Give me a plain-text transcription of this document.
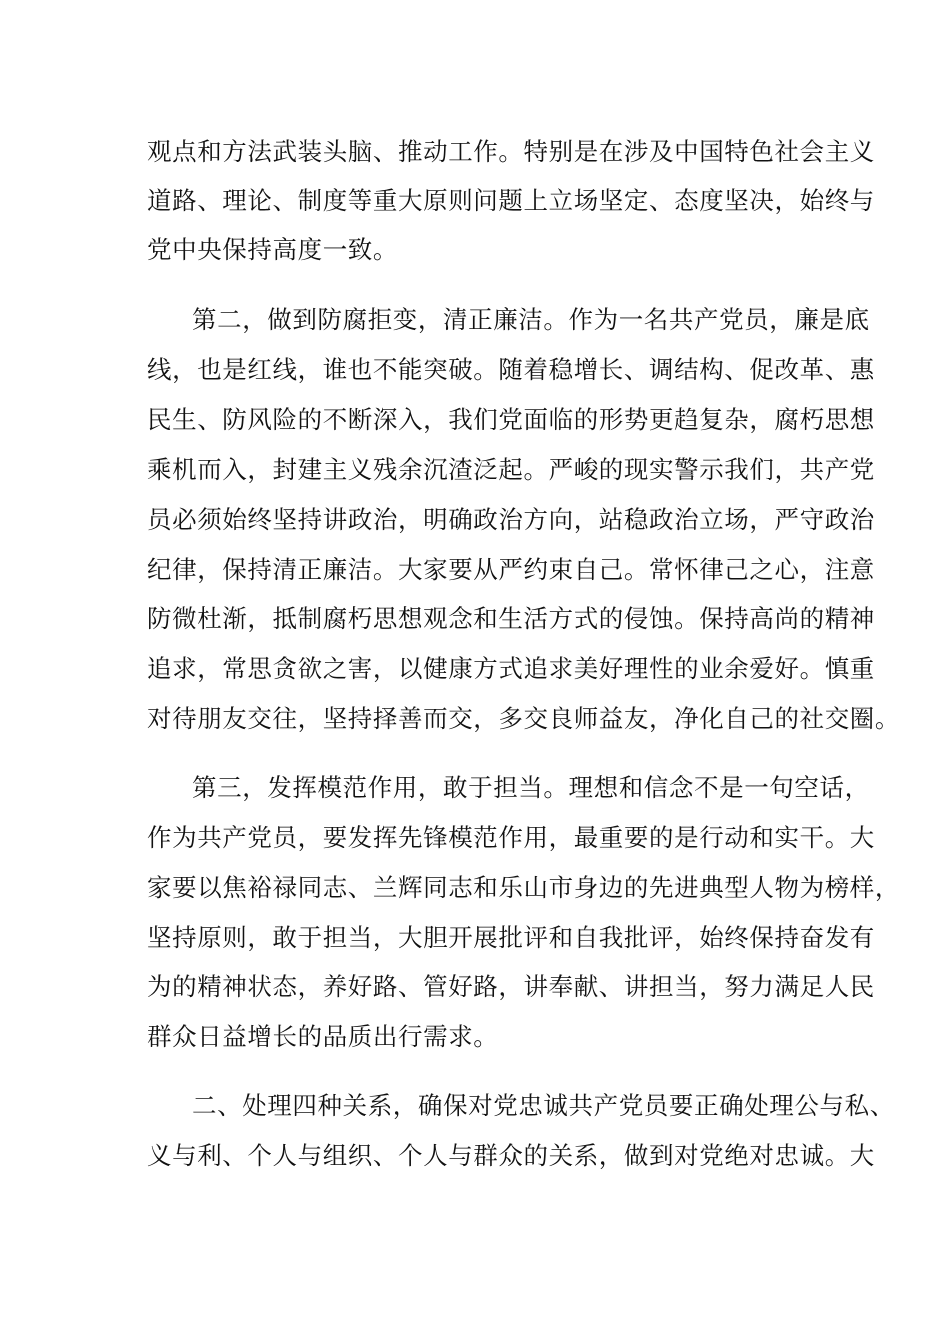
观点和方法武装头脑、推动工作。特别是在涉及中国特色社会主义
道路、理论、制度等重大原则问题上立场坚定、态度坚决，始终与
党中央保持高度一致。
第二，做到防腐拒变，清正廉洁。作为一名共产党员，廉是底
线，也是红线，谁也不能突破。随着稳增长、调结构、促改革、惠
民生、防风险的不断深入，我们党面临的形势更趋复杂，腐朽思想
乘机而入，封建主义残余沉渣泛起。严峻的现实警示我们，共产党
员必须始终坚持讲政治，明确政治方向，站稳政治立场，严守政治
纪律，保持清正廉洁。大家要从严约束自己。常怀律己之心，注意
防微杜渐，抵制腐朽思想观念和生活方式的侵蚀。保持高尚的精神
追求，常思贪欲之害，以健康方式追求美好理性的业余爱好。慎重
对待朋友交往，坚持择善而交，多交良师益友，净化自己的社交圈。
第三，发挥模范作用，敢于担当。理想和信念不是一句空话，
作为共产党员，要发挥先锋模范作用，最重要的是行动和实干。大
家要以焦裕禄同志、兰辉同志和乐山市身边的先进典型人物为榜样，
坚持原则，敢于担当，大胆开展批评和自我批评，始终保持奋发有
为的精神状态，养好路、管好路，讲奉献、讲担当，努力满足人民
群众日益增长的品质出行需求。
二、处理四种关系，确保对党忠诚共产党员要正确处理公与私、
义与利、个人与组织、个人与群众的关系，做到对党绝对忠诚。大
